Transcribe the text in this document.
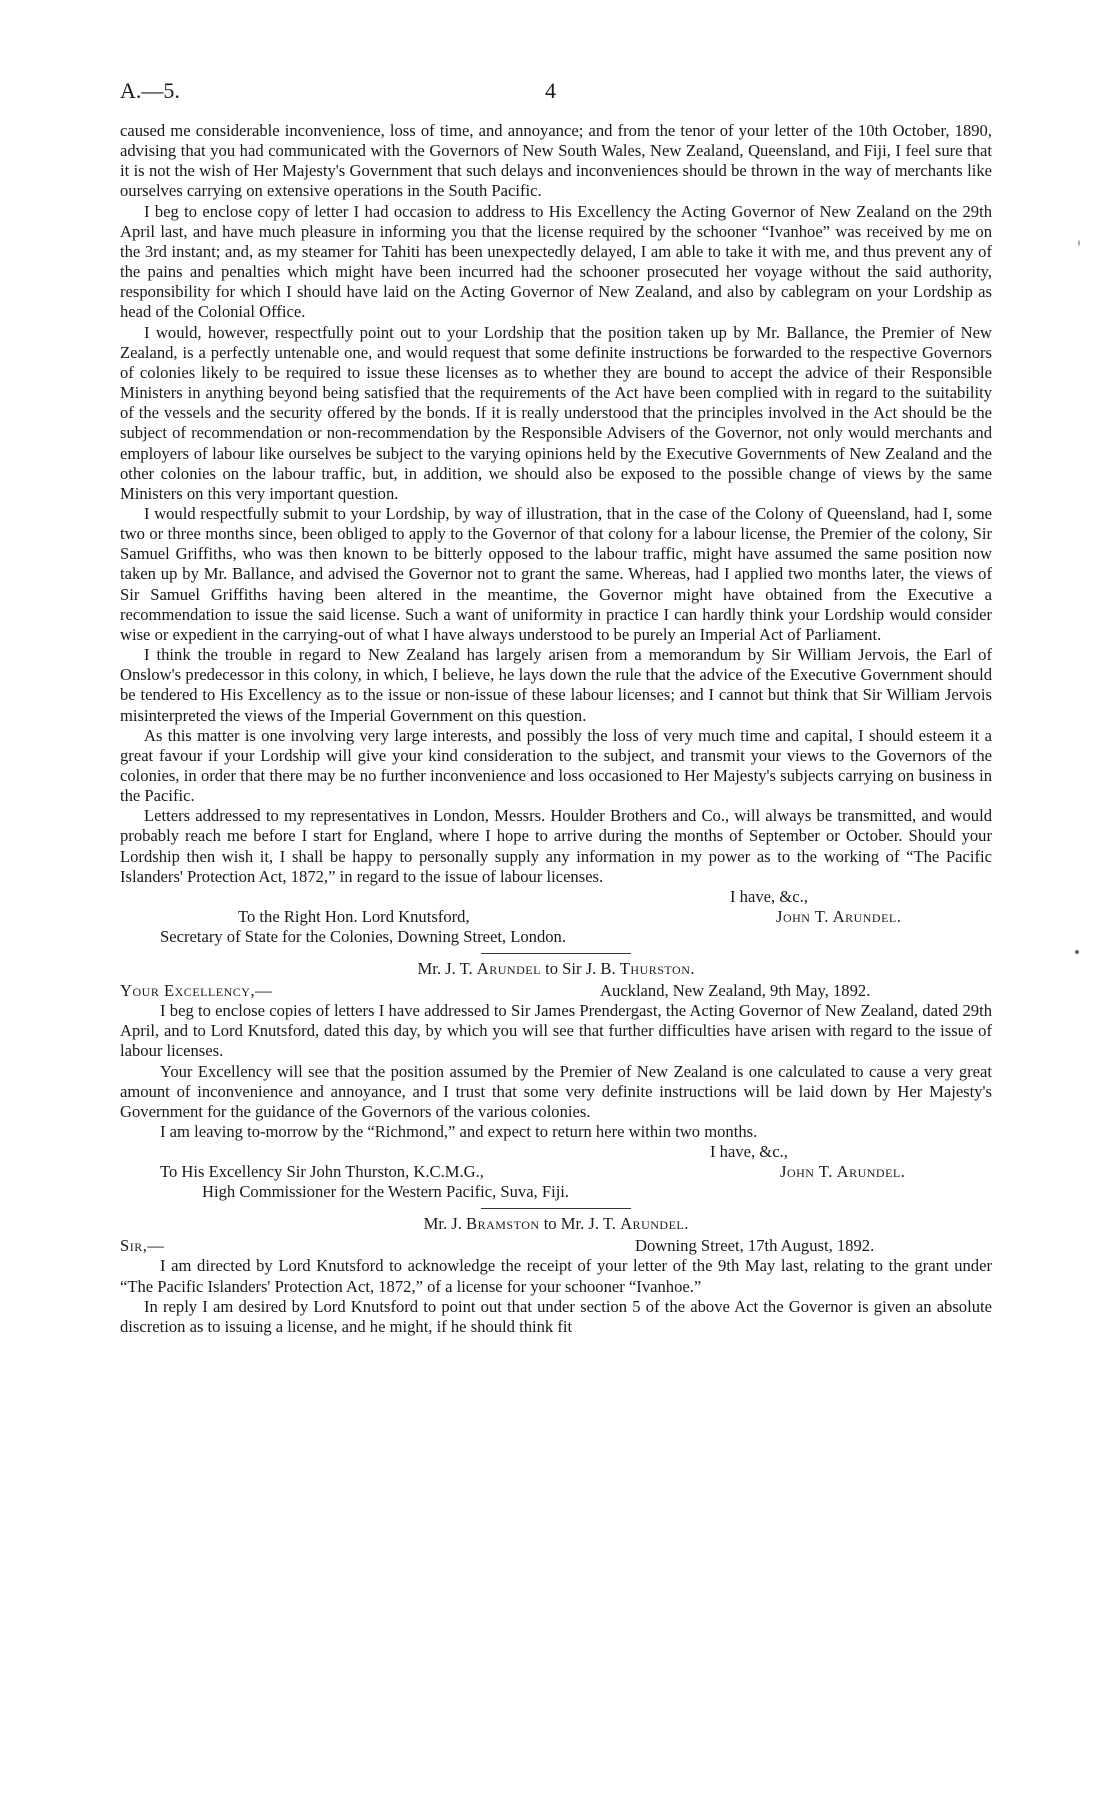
A.—5.	4

caused me considerable inconvenience, loss of time, and annoyance; and from the tenor of your letter of the 10th October, 1890, advising that you had communicated with the Governors of New South Wales, New Zealand, Queensland, and Fiji, I feel sure that it is not the wish of Her Majesty's Government that such delays and inconveniences should be thrown in the way of merchants like ourselves carrying on extensive operations in the South Pacific.

I beg to enclose copy of letter I had occasion to address to His Excellency the Acting Governor of New Zealand on the 29th April last, and have much pleasure in informing you that the license required by the schooner “Ivanhoe” was received by me on the 3rd instant; and, as my steamer for Tahiti has been unexpectedly delayed, I am able to take it with me, and thus prevent any of the pains and penalties which might have been incurred had the schooner prosecuted her voyage without the said authority, responsibility for which I should have laid on the Acting Governor of New Zealand, and also by cablegram on your Lordship as head of the Colonial Office.

I would, however, respectfully point out to your Lordship that the position taken up by Mr. Ballance, the Premier of New Zealand, is a perfectly untenable one, and would request that some definite instructions be forwarded to the respective Governors of colonies likely to be required to issue these licenses as to whether they are bound to accept the advice of their Responsible Ministers in anything beyond being satisfied that the requirements of the Act have been complied with in regard to the suitability of the vessels and the security offered by the bonds. If it is really understood that the principles involved in the Act should be the subject of recommendation or non-recommendation by the Responsible Advisers of the Governor, not only would merchants and employers of labour like ourselves be subject to the varying opinions held by the Executive Governments of New Zealand and the other colonies on the labour traffic, but, in addition, we should also be exposed to the possible change of views by the same Ministers on this very important question.

I would respectfully submit to your Lordship, by way of illustration, that in the case of the Colony of Queensland, had I, some two or three months since, been obliged to apply to the Governor of that colony for a labour license, the Premier of the colony, Sir Samuel Griffiths, who was then known to be bitterly opposed to the labour traffic, might have assumed the same position now taken up by Mr. Ballance, and advised the Governor not to grant the same. Whereas, had I applied two months later, the views of Sir Samuel Griffiths having been altered in the meantime, the Governor might have obtained from the Executive a recommendation to issue the said license. Such a want of uniformity in practice I can hardly think your Lordship would consider wise or expedient in the carrying-out of what I have always understood to be purely an Imperial Act of Parliament.

I think the trouble in regard to New Zealand has largely arisen from a memorandum by Sir William Jervois, the Earl of Onslow's predecessor in this colony, in which, I believe, he lays down the rule that the advice of the Executive Government should be tendered to His Excellency as to the issue or non-issue of these labour licenses; and I cannot but think that Sir William Jervois misinterpreted the views of the Imperial Government on this question.

As this matter is one involving very large interests, and possibly the loss of very much time and capital, I should esteem it a great favour if your Lordship will give your kind consideration to the subject, and transmit your views to the Governors of the colonies, in order that there may be no further inconvenience and loss occasioned to Her Majesty's subjects carrying on business in the Pacific.

Letters addressed to my representatives in London, Messrs. Houlder Brothers and Co., will always be transmitted, and would probably reach me before I start for England, where I hope to arrive during the months of September or October. Should your Lordship then wish it, I shall be happy to personally supply any information in my power as to the working of “The Pacific Islanders' Protection Act, 1872,” in regard to the issue of labour licenses.

I have, &c.,
To the Right Hon. Lord Knutsford,	John T. Arundel.
Secretary of State for the Colonies, Downing Street, London.
Mr. J. T. Arundel to Sir J. B. Thurston.
Your Excellency,—	Auckland, New Zealand, 9th May, 1892.

I beg to enclose copies of letters I have addressed to Sir James Prendergast, the Acting Governor of New Zealand, dated 29th April, and to Lord Knutsford, dated this day, by which you will see that further difficulties have arisen with regard to the issue of labour licenses.

Your Excellency will see that the position assumed by the Premier of New Zealand is one calculated to cause a very great amount of inconvenience and annoyance, and I trust that some very definite instructions will be laid down by Her Majesty's Government for the guidance of the Governors of the various colonies.

I am leaving to-morrow by the “Richmond,” and expect to return here within two months.

I have, &c.,
To His Excellency Sir John Thurston, K.C.M.G.,	John T. Arundel.
High Commissioner for the Western Pacific, Suva, Fiji.
Mr. J. Bramston to Mr. J. T. Arundel.
Sir,—	Downing Street, 17th August, 1892.

I am directed by Lord Knutsford to acknowledge the receipt of your letter of the 9th May last, relating to the grant under “The Pacific Islanders' Protection Act, 1872,” of a license for your schooner “Ivanhoe.”

In reply I am desired by Lord Knutsford to point out that under section 5 of the above Act the Governor is given an absolute discretion as to issuing a license, and he might, if he should think fit
